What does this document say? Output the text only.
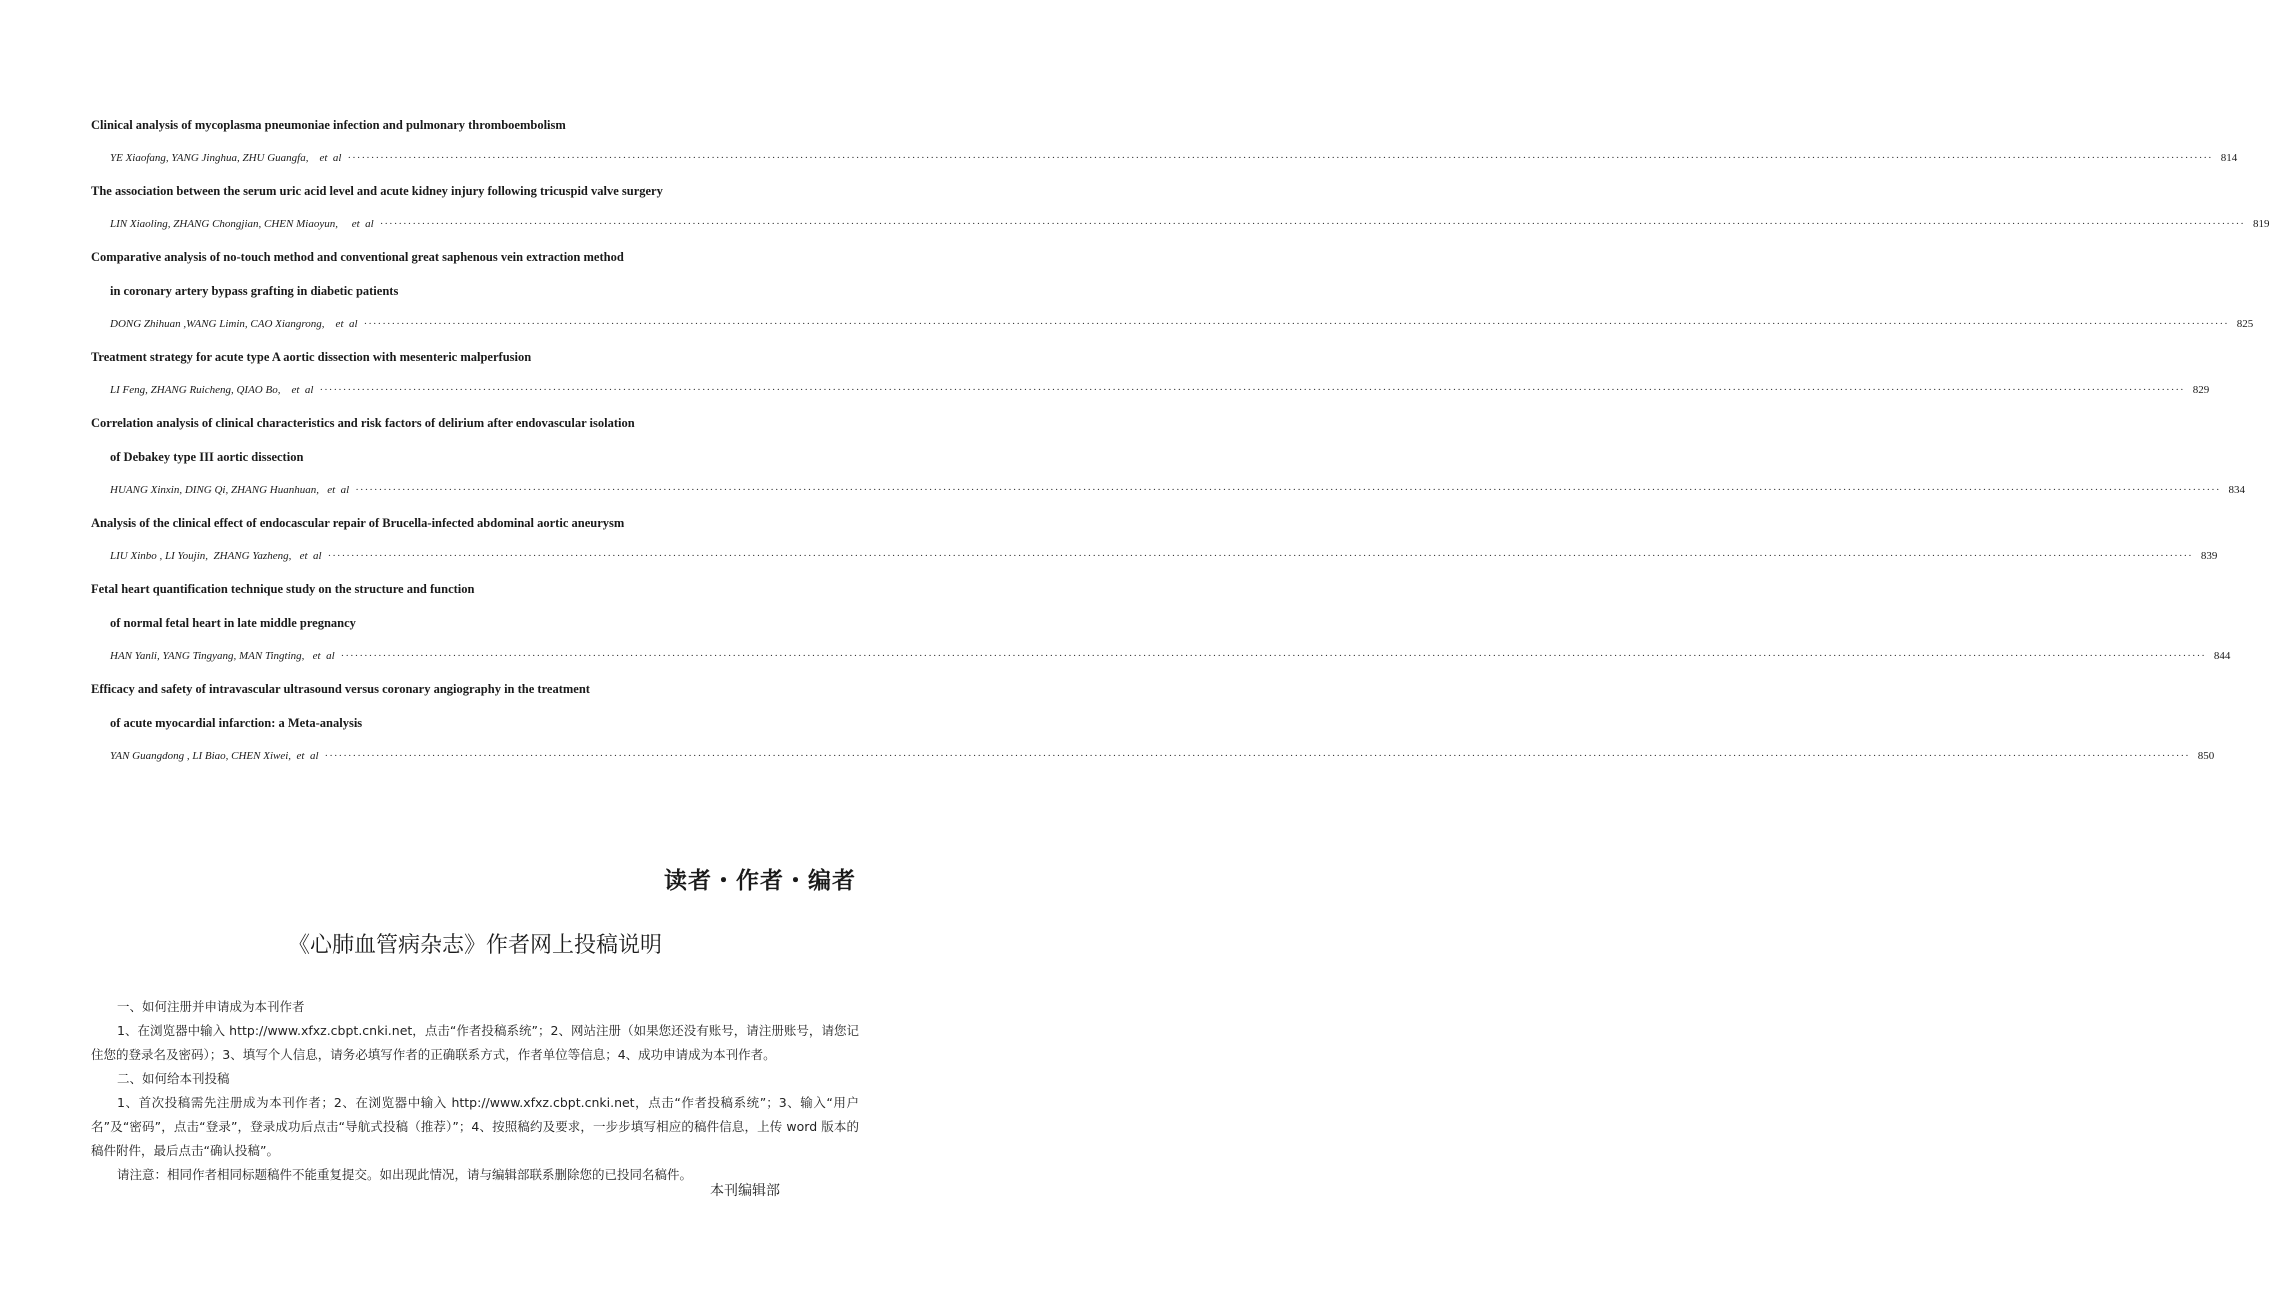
Clinical analysis of mycoplasma pneumoniae infection and pulmonary thromboembolism
YE Xiaofang, YANG Jinghua, ZHU Guangfa,    et  al ················································································································································································································································································································································································································ 814
The association between the serum uric acid level and acute kidney injury following tricuspid valve surgery
LIN Xiaoling, ZHANG Chongjian, CHEN Miaoyun,     et  al ················································································································································································································································································································································································································ 819
Comparative analysis of no-touch method and conventional great saphenous vein extraction method
in coronary artery bypass grafting in diabetic patients
DONG Zhihuan ,WANG Limin, CAO Xiangrong,    et  al ················································································································································································································································································································································································································ 825
Treatment strategy for acute type A aortic dissection with mesenteric malperfusion
LI Feng, ZHANG Ruicheng, QIAO Bo,    et  al ················································································································································································································································································································································································································ 829
Correlation analysis of clinical characteristics and risk factors of delirium after endovascular isolation
of Debakey type III aortic dissection
HUANG Xinxin, DING Qi, ZHANG Huanhuan,   et  al ················································································································································································································································································································································································································ 834
Analysis of the clinical effect of endocascular repair of Brucella-infected abdominal aortic aneurysm
LIU Xinbo , LI Youjin,  ZHANG Yazheng,   et  al ················································································································································································································································································································································································································ 839
Fetal heart quantification technique study on the structure and function
of normal fetal heart in late middle pregnancy
HAN Yanli, YANG Tingyang, MAN Tingting,   et  al ················································································································································································································································································································································································································ 844
Efficacy and safety of intravascular ultrasound versus coronary angiography in the treatment
of acute myocardial infarction: a Meta-analysis
YAN Guangdong , LI Biao, CHEN Xiwei,  et  al ················································································································································································································································································································································································································ 850
读者・作者・编者
《心肺血管病杂志》作者网上投稿说明

一、如何注册并申请成为本刊作者

1、在浏览器中输入 http://www.xfxz.cbpt.cnki.net，点击“作者投稿系统”；2、网站注册（如果您还没有账号，请注册账号，请您记住您的登录名及密码）；3、填写个人信息，请务必填写作者的正确联系方式，作者单位等信息；4、成功申请成为本刊作者。

二、如何给本刊投稿

1、首次投稿需先注册成为本刊作者；2、在浏览器中输入 http://www.xfxz.cbpt.cnki.net，点击“作者投稿系统”；3、输入“用户名”及“密码”，点击“登录”，登录成功后点击“导航式投稿（推荐）”；4、按照稿约及要求，一步步填写相应的稿件信息，上传 word 版本的稿件附件，最后点击“确认投稿”。

请注意：相同作者相同标题稿件不能重复提交。如出现此情况，请与编辑部联系删除您的已投同名稿件。

本刊编辑部
